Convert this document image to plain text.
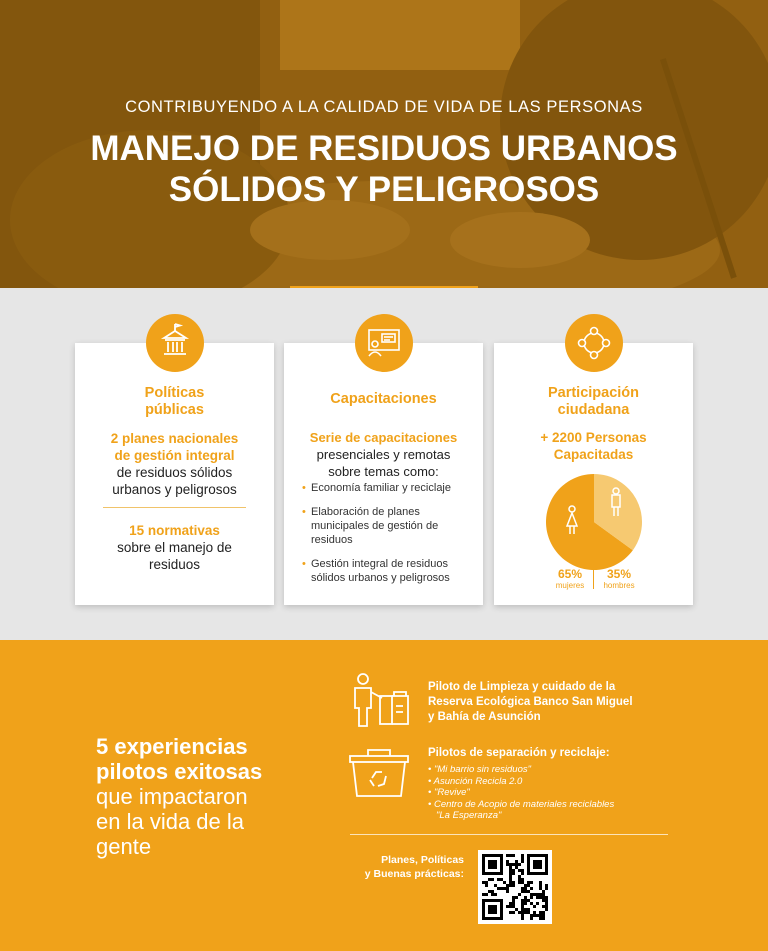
CONTRIBUYENDO A LA CALIDAD DE VIDA DE LAS PERSONAS
MANEJO DE RESIDUOS URBANOS
SÓLIDOS Y PELIGROSOS
Políticas
públicas
2 planes nacionales
de gestión integral
de residuos sólidos
urbanos y peligrosos
15 normativas
sobre el manejo de
residuos
Capacitaciones
Serie de capacitaciones
presenciales y remotas
sobre temas como:
• Economía familiar y reciclaje
• Elaboración de planes municipales de gestión de residuos
• Gestión integral de residuos sólidos urbanos y peligrosos
Participación
ciudadana
+ 2200 Personas
Capacitadas
65%
mujeres
35%
hombres
5 experiencias
pilotos exitosas
que impactaron
en la vida de la
gente
Piloto de Limpieza y cuidado de la
Reserva Ecológica Banco San Miguel
y Bahía de Asunción
Pilotos de separación y reciclaje:
• "Mi barrio sin residuos"
• Asunción Recicla 2.0
• "Revive"
• Centro de Acopio de materiales reciclables
"La Esperanza"
Planes, Políticas
y Buenas prácticas:
